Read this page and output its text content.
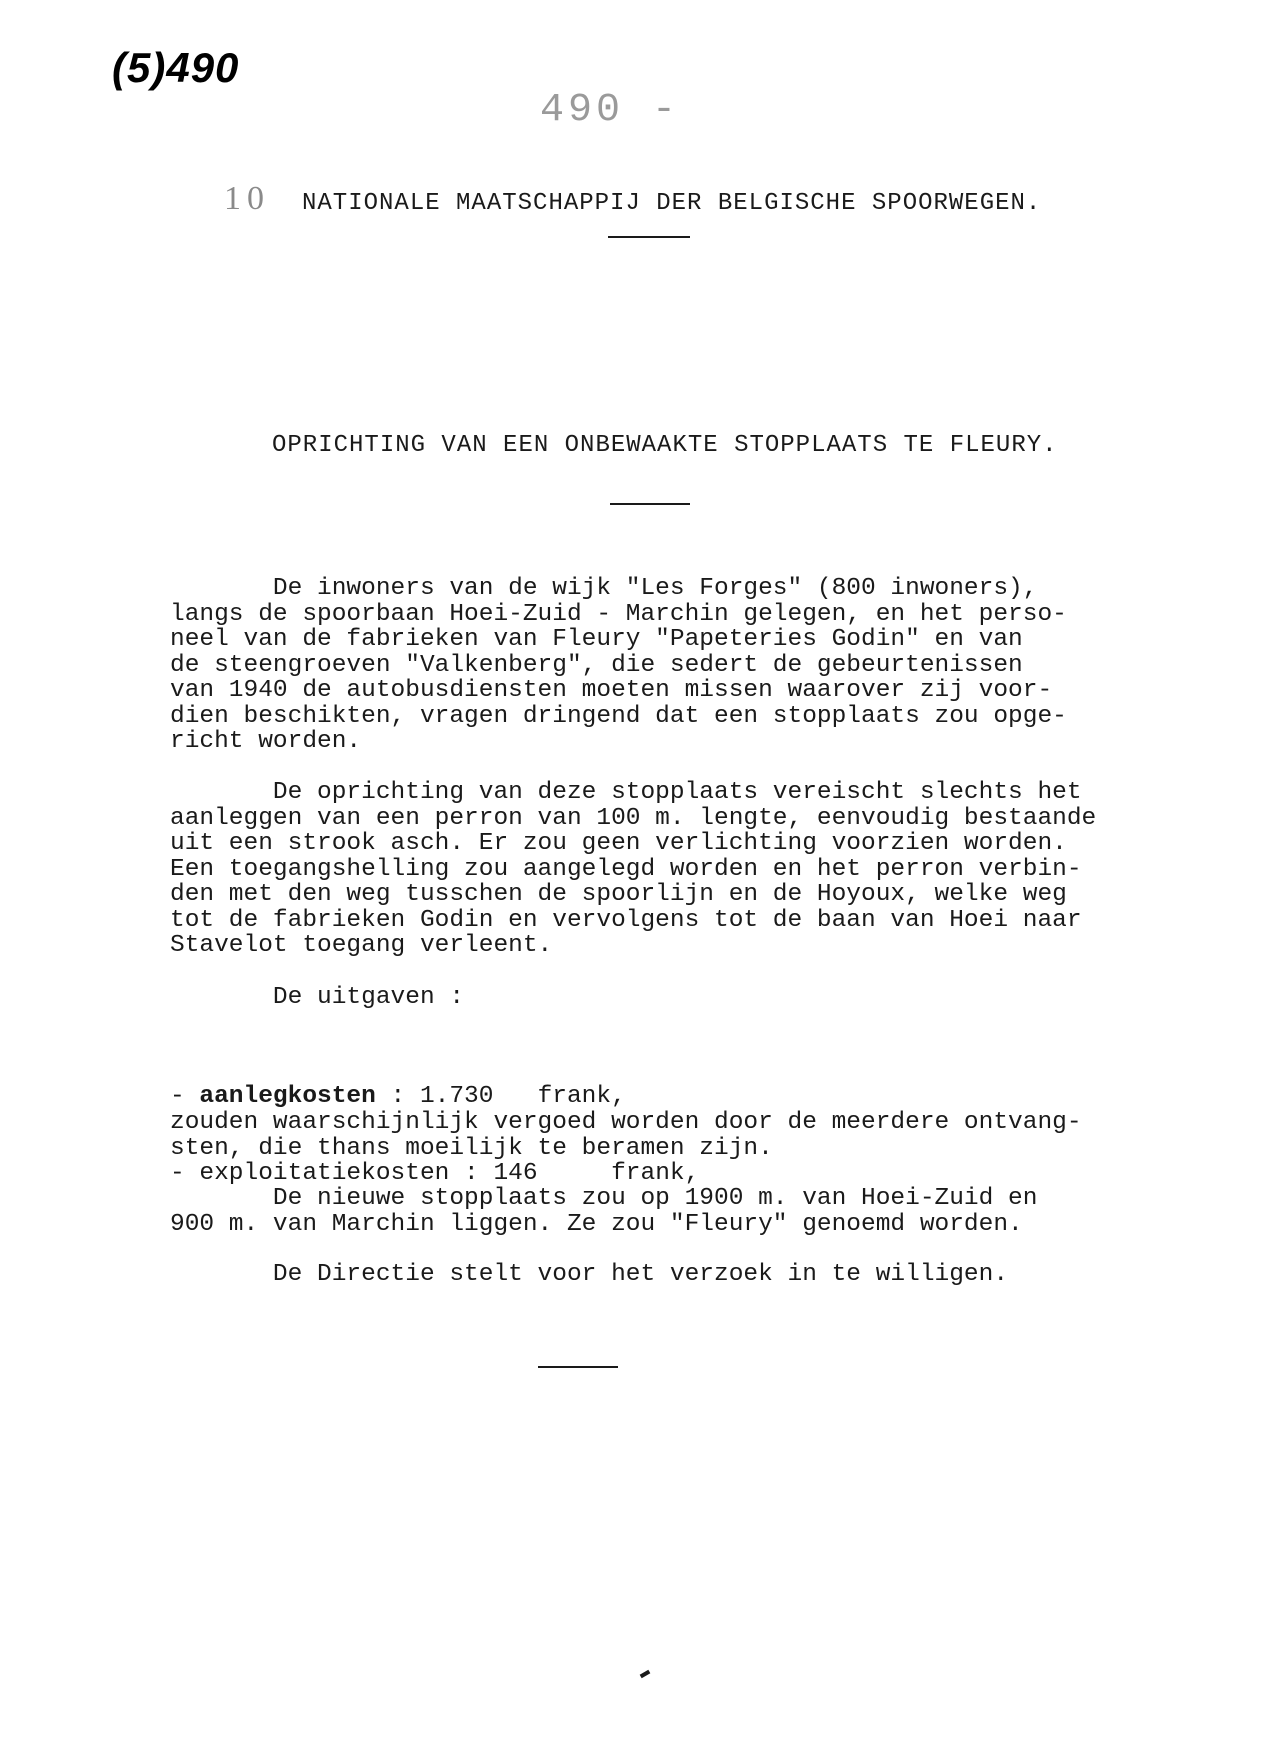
(5)490
490 -
10 NATIONALE MAATSCHAPPIJ DER BELGISCHE SPOORWEGEN.
OPRICHTING VAN EEN ONBEWAAKTE STOPPLAATS TE FLEURY.
De inwoners van de wijk "Les Forges" (800 inwoners),
langs de spoorbaan Hoei-Zuid - Marchin gelegen, en het perso-
neel van de fabrieken van Fleury "Papeteries Godin" en van
de steengroeven "Valkenberg", die sedert de gebeurtenissen
van 1940 de autobusdiensten moeten missen waarover zij voor-
dien beschikten, vragen dringend dat een stopplaats zou opge-
richt worden.
De oprichting van deze stopplaats vereischt slechts het
aanleggen van een perron van 100 m. lengte, eenvoudig bestaande
uit een strook asch. Er zou geen verlichting voorzien worden.
Een toegangshelling zou aangelegd worden en het perron verbin-
den met den weg tusschen de spoorlijn en de Hoyoux, welke weg
tot de fabrieken Godin en vervolgens tot de baan van Hoei naar
Stavelot toegang verleent.
De uitgaven :

- aanlegkosten : 1.730   frank,

- exploitatiekosten : 146     frank,

zouden waarschijnlijk vergoed worden door de meerdere ontvang-
sten, die thans moeilijk te beramen zijn.
De nieuwe stopplaats zou op 1900 m. van Hoei-Zuid en
900 m. van Marchin liggen. Ze zou "Fleury" genoemd worden.
De Directie stelt voor het verzoek in te willigen.
